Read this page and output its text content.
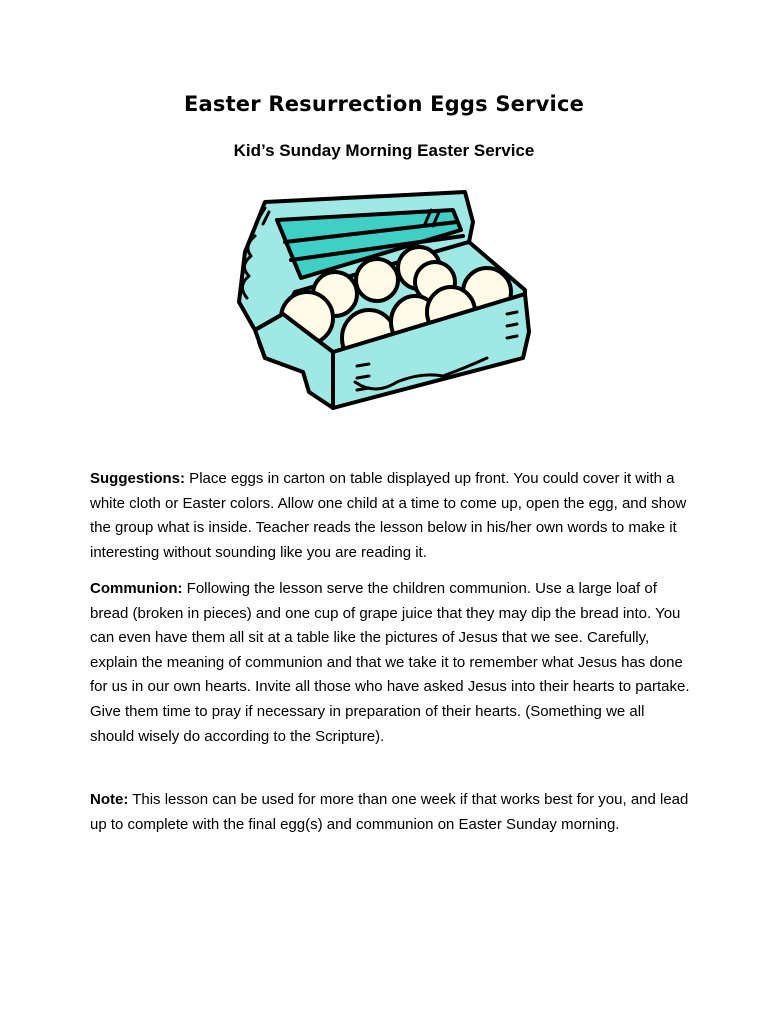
Easter Resurrection Eggs Service
Kid’s Sunday Morning Easter Service
Suggestions: Place eggs in carton on table displayed up front. You could cover it with a white cloth or Easter colors. Allow one child at a time to come up, open the egg, and show the group what is inside. Teacher reads the lesson below in his/her own words to make it interesting without sounding like you are reading it.
Communion: Following the lesson serve the children communion. Use a large loaf of bread (broken in pieces) and one cup of grape juice that they may dip the bread into. You can even have them all sit at a table like the pictures of Jesus that we see. Carefully, explain the meaning of communion and that we take it to remember what Jesus has done for us in our own hearts. Invite all those who have asked Jesus into their hearts to partake. Give them time to pray if necessary in preparation of their hearts. (Something we all should wisely do according to the Scripture).
Note: This lesson can be used for more than one week if that works best for you, and lead up to complete with the final egg(s) and communion on Easter Sunday morning.
